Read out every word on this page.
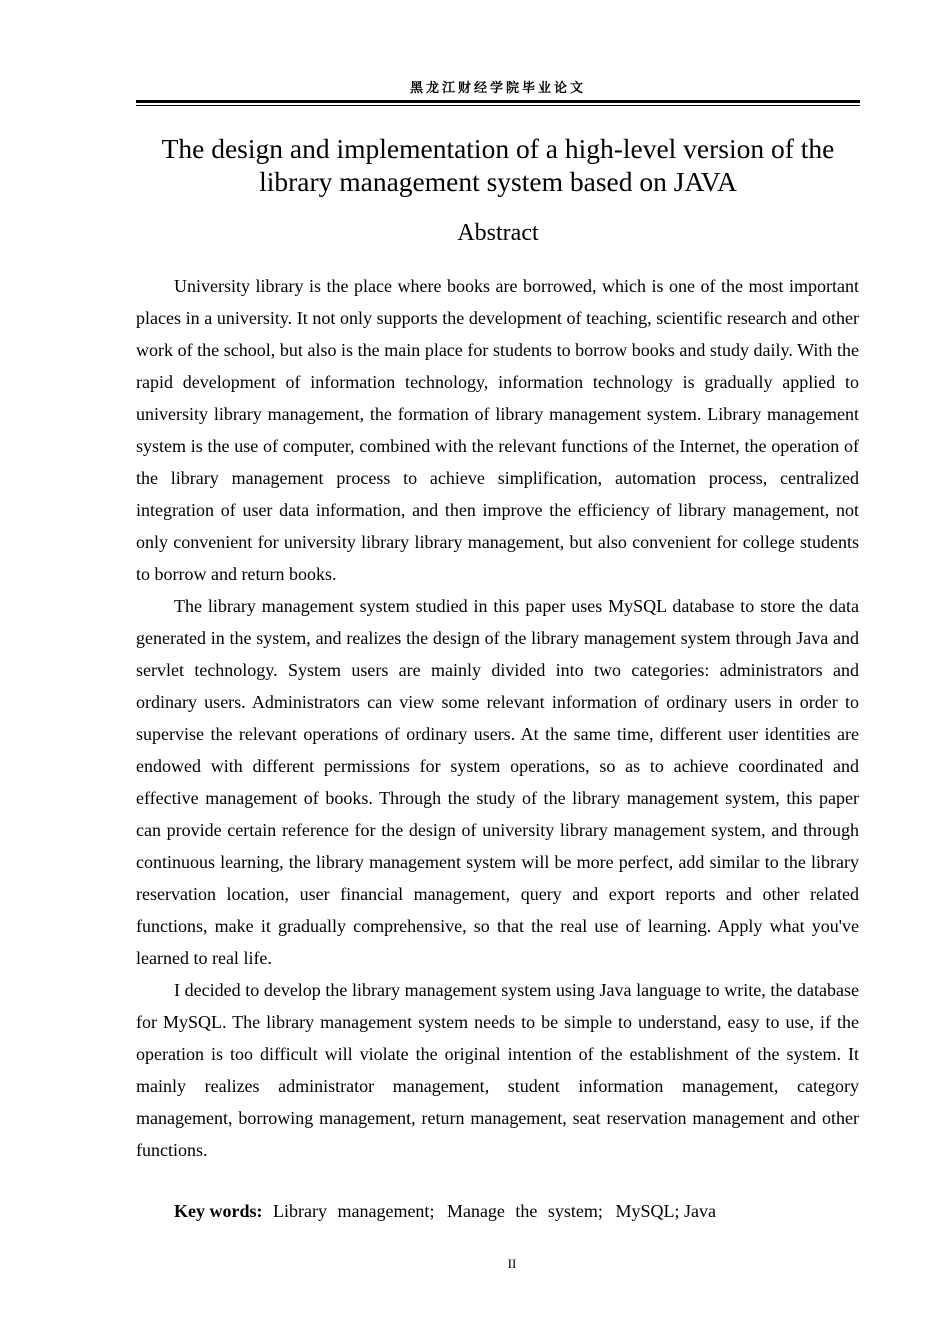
黑龙江财经学院毕业论文
The design and implementation of a high-level version of the
library management system based on JAVA
Abstract

University library is the place where books are borrowed, which is one of the most important places in a university. It not only supports the development of teaching, scientific research and other work of the school, but also is the main place for students to borrow books and study daily. With the rapid development of information technology, information technology is gradually applied to university library management, the formation of library management system. Library management system is the use of computer, combined with the relevant functions of the Internet, the operation of the library management process to achieve simplification, automation process, centralized integration of user data information, and then improve the efficiency of library management, not only convenient for university library library management, but also convenient for college students to borrow and return books.

The library management system studied in this paper uses MySQL database to store the data generated in the system, and realizes the design of the library management system through Java and servlet technology. System users are mainly divided into two categories: administrators and ordinary users. Administrators can view some relevant information of ordinary users in order to supervise the relevant operations of ordinary users. At the same time, different user identities are endowed with different permissions for system operations, so as to achieve coordinated and effective management of books. Through the study of the library management system, this paper can provide certain reference for the design of university library management system, and through continuous learning, the library management system will be more perfect, add similar to the library reservation location, user financial management, query and export reports and other related functions, make it gradually comprehensive, so that the real use of learning. Apply what you've learned to real life.

I decided to develop the library management system using Java language to write, the database for MySQL. The library management system needs to be simple to understand, easy to use, if the operation is too difficult will violate the original intention of the establishment of the system. It mainly realizes administrator management, student information management, category management, borrowing management, return management, seat reservation management and other functions.

Key words: Library management; Manage the system; MySQL; Java
II
